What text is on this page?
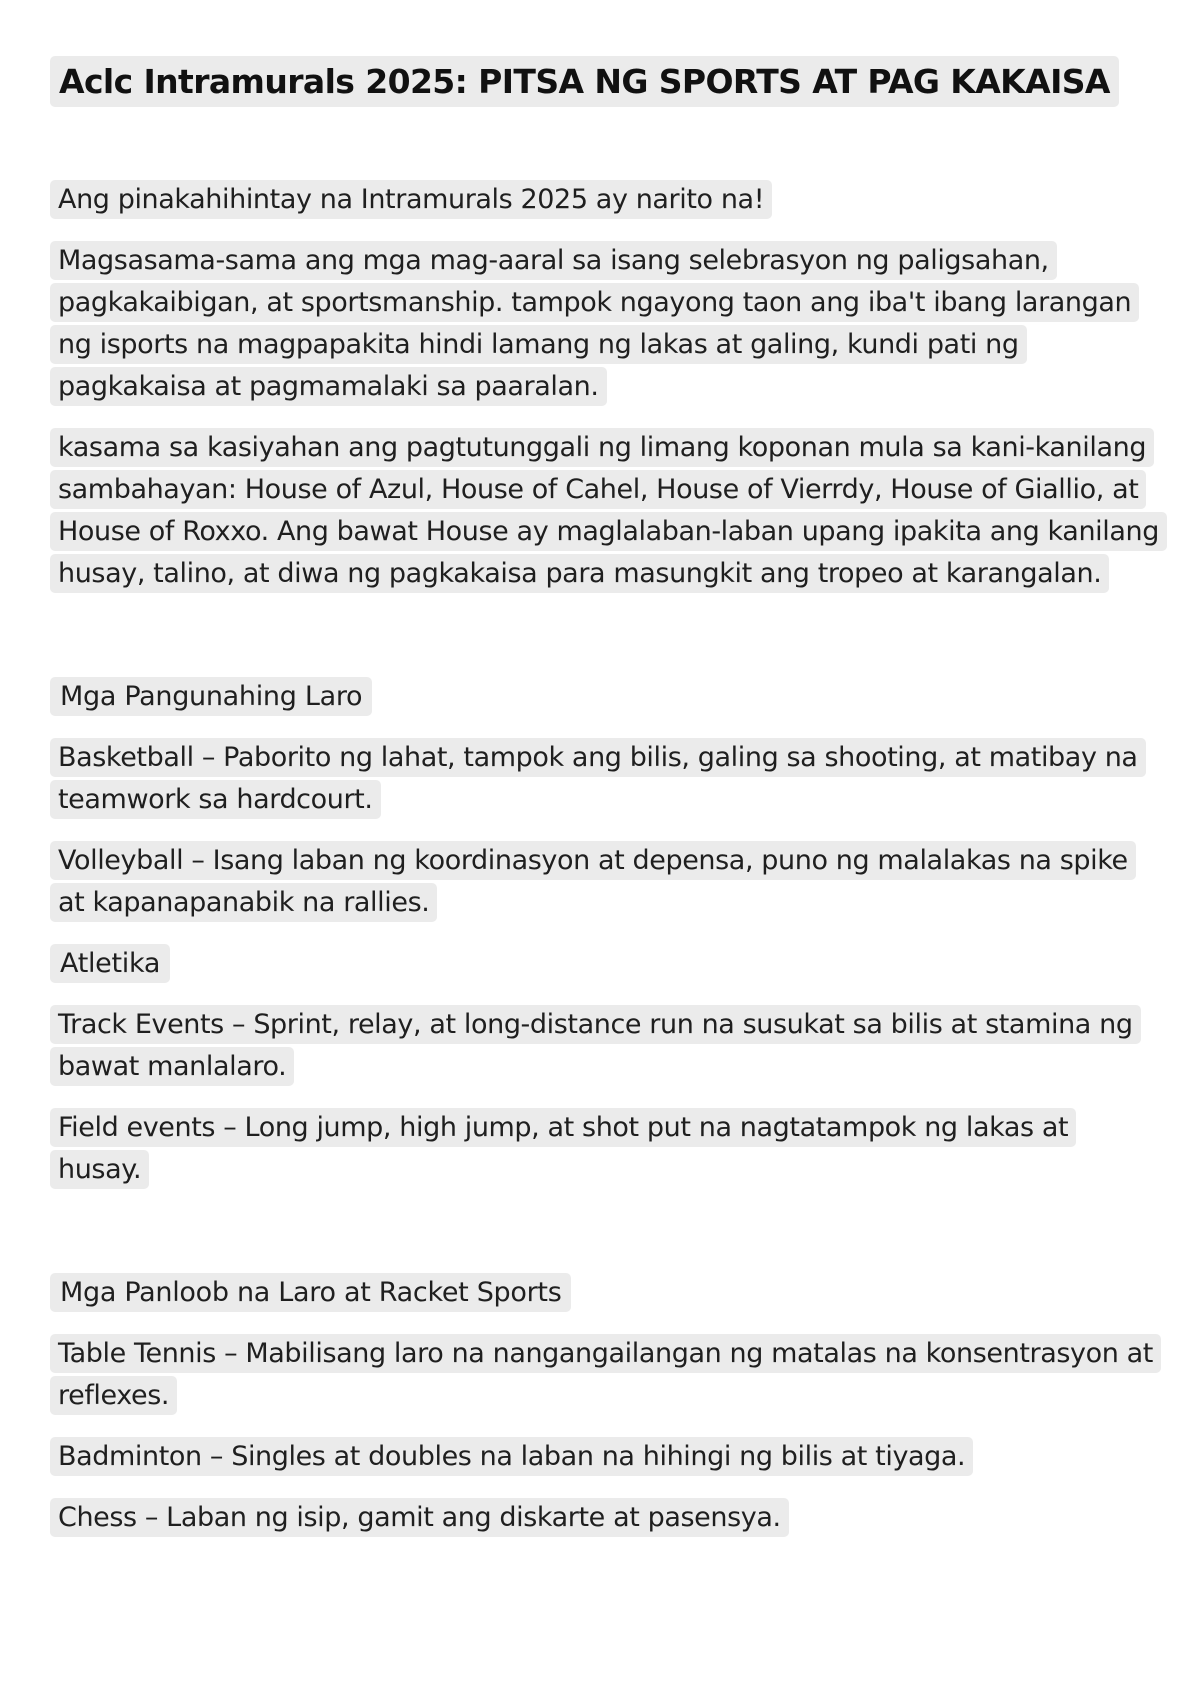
Aclc Intramurals 2025: PITSA NG SPORTS AT PAG KAKAISA
Ang pinakahihintay na Intramurals 2025 ay narito na!
Magsasama-sama ang mga mag-aaral sa isang selebrasyon ng paligsahan, pagkakaibigan, at sportsmanship. tampok ngayong taon ang iba't ibang larangan ng isports na magpapakita hindi lamang ng lakas at galing, kundi pati ng pagkakaisa at pagmamalaki sa paaralan.
kasama sa kasiyahan ang pagtutunggali ng limang koponan mula sa kani-kanilang sambahayan: House of Azul, House of Cahel, House of Vierrdy, House of Giallio, at House of Roxxo. Ang bawat House ay maglalaban-laban upang ipakita ang kanilang husay, talino, at diwa ng pagkakaisa para masungkit ang tropeo at karangalan.
Mga Pangunahing Laro
Basketball – Paborito ng lahat, tampok ang bilis, galing sa shooting, at matibay na teamwork sa hardcourt.
Volleyball – Isang laban ng koordinasyon at depensa, puno ng malalakas na spike at kapanapanabik na rallies.
Atletika
Track Events – Sprint, relay, at long-distance run na susukat sa bilis at stamina ng bawat manlalaro.
Field events – Long jump, high jump, at shot put na nagtatampok ng lakas at husay.
Mga Panloob na Laro at Racket Sports
Table Tennis – Mabilisang laro na nangangailangan ng matalas na konsentrasyon at reflexes.
Badminton – Singles at doubles na laban na hihingi ng bilis at tiyaga.
Chess – Laban ng isip, gamit ang diskarte at pasensya.
